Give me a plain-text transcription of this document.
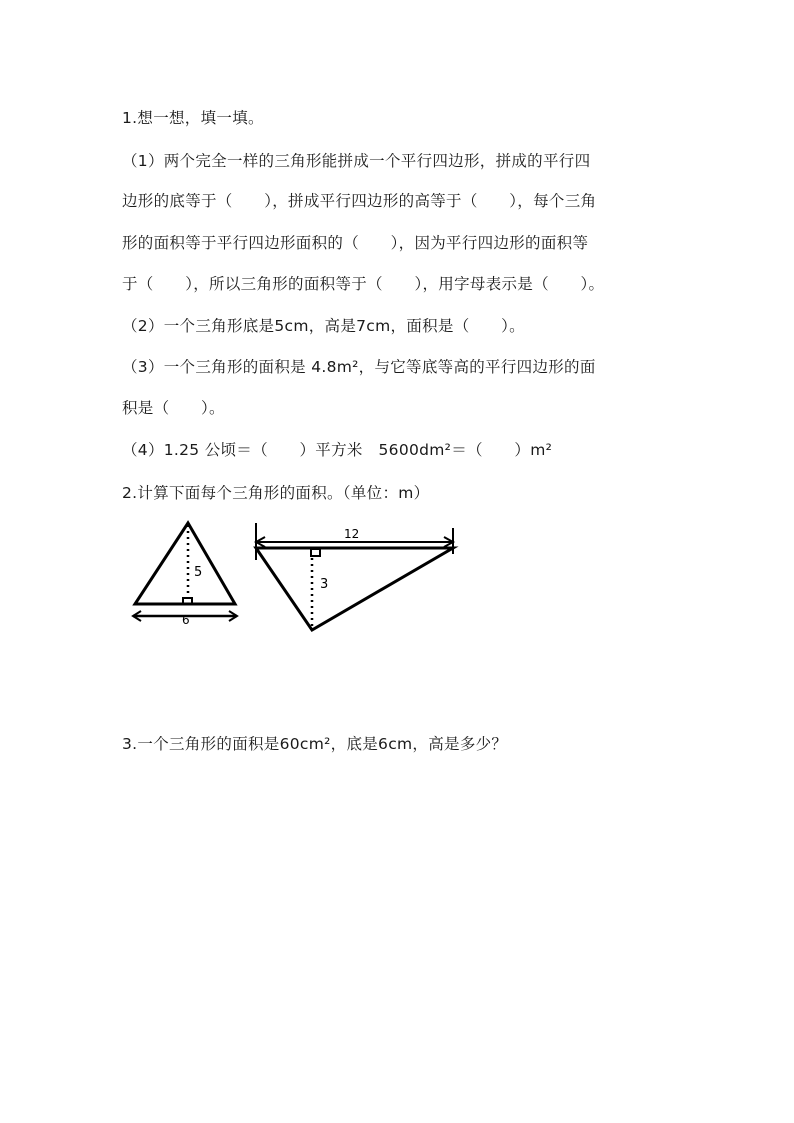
1.想一想，填一填。
（1）两个完全一样的三角形能拼成一个平行四边形，拼成的平行四
边形的底等于（　　），拼成平行四边形的高等于（　　），每个三角
形的面积等于平行四边形面积的（　　），因为平行四边形的面积等
于（　　），所以三角形的面积等于（　　），用字母表示是（　　）。
（2）一个三角形底是5cm，高是7cm，面积是（　　）。
（3）一个三角形的面积是 4.8m²，与它等底等高的平行四边形的面
积是（　　）。
（4）1.25 公顷＝（　　）平方米　5600dm²＝（　　）m²
2.计算下面每个三角形的面积。（单位：m）
5
6
12
3
3.一个三角形的面积是60cm²，底是6cm，高是多少？
